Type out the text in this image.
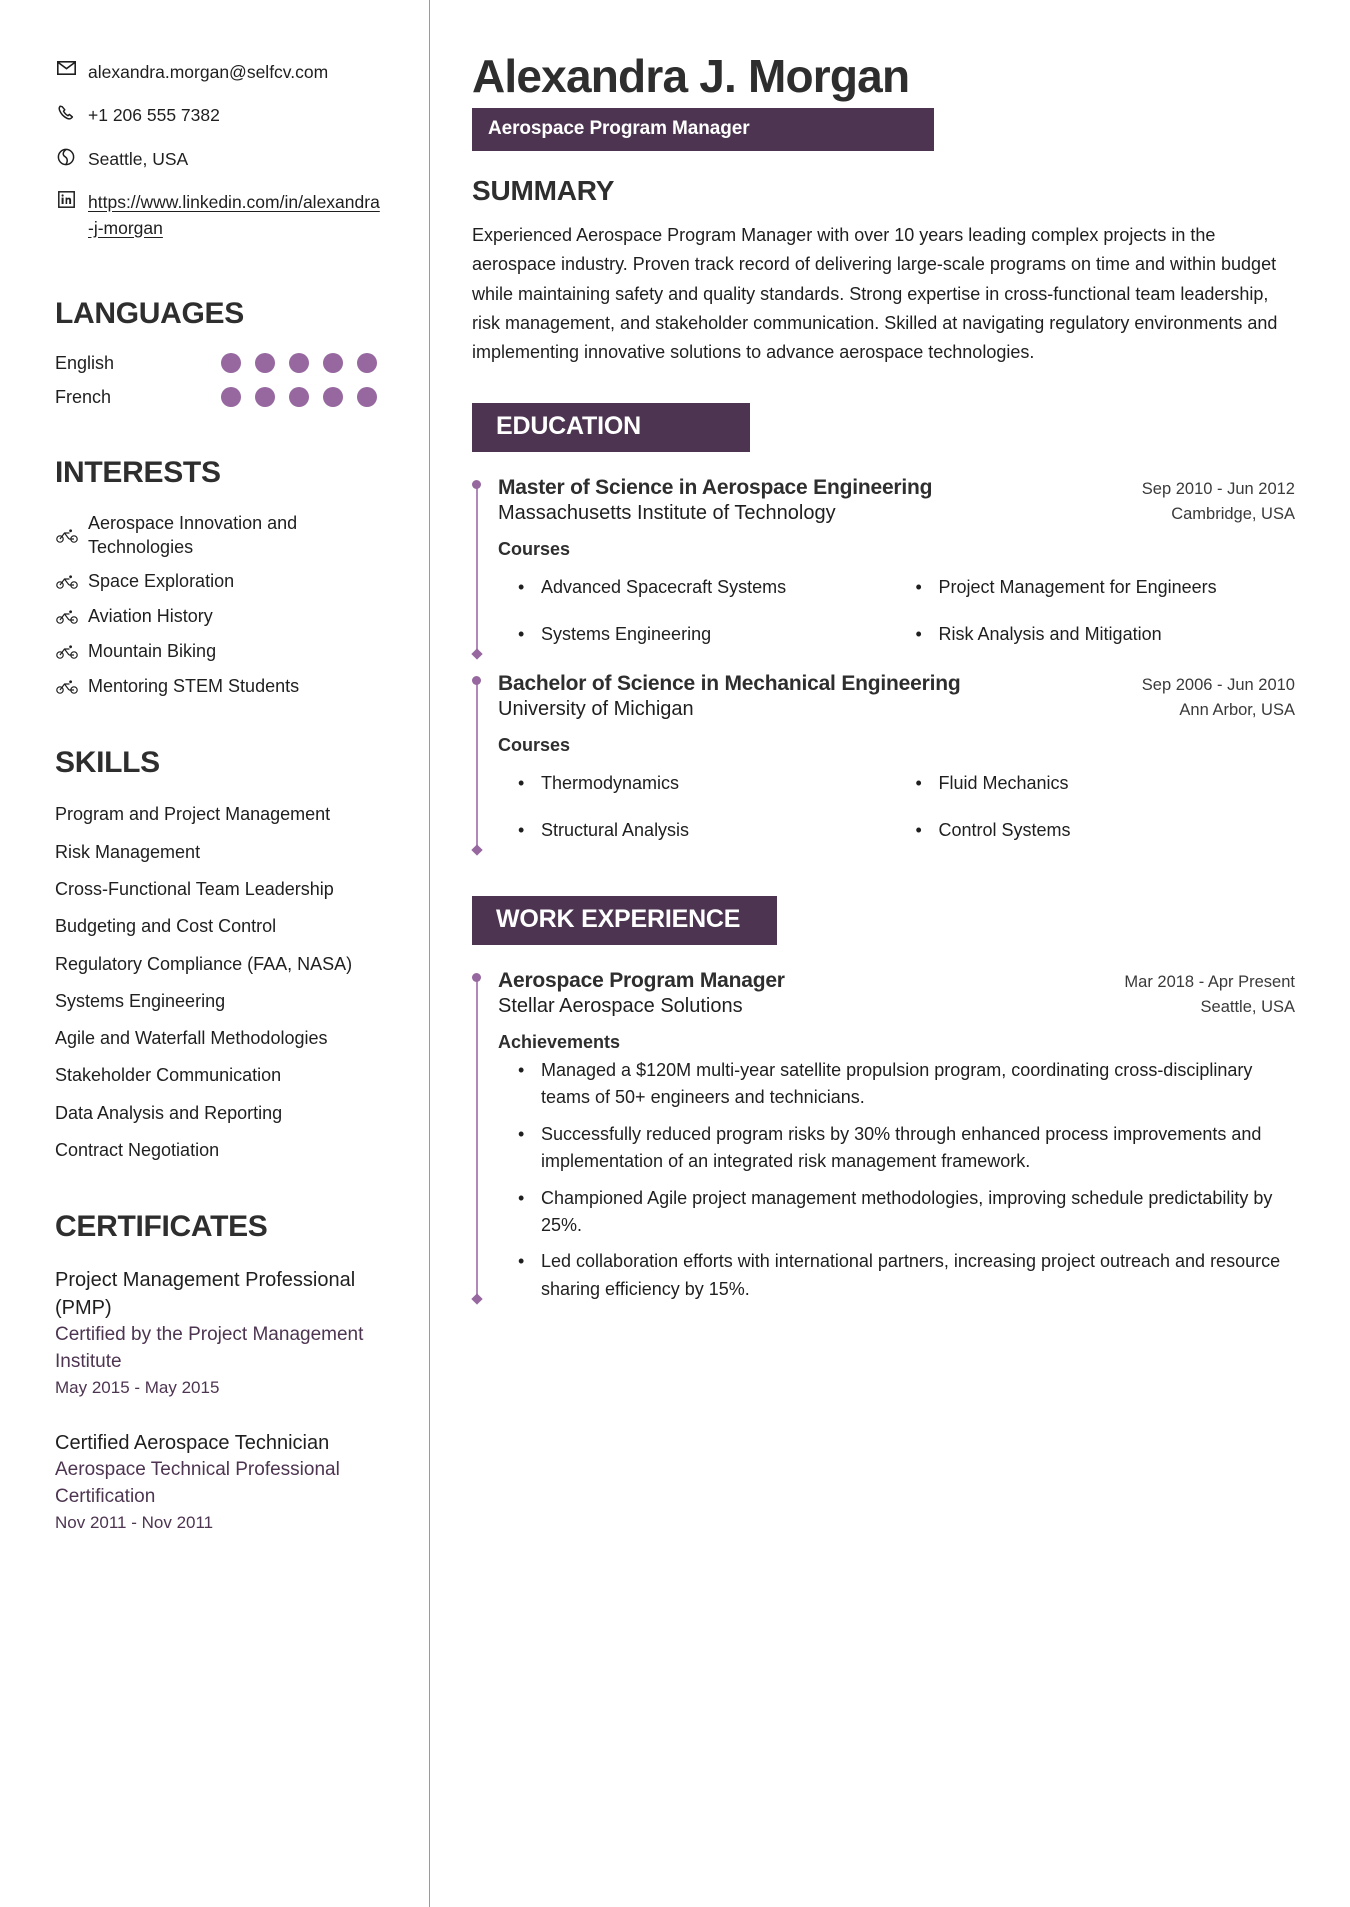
alexandra.morgan@selfcv.com
+1 206 555 7382
Seattle, USA
https://www.linkedin.com/in/alexandra-j-morgan
LANGUAGES
English
French
INTERESTS
Aerospace Innovation and Technologies
Space Exploration
Aviation History
Mountain Biking
Mentoring STEM Students
SKILLS
Program and Project Management
Risk Management
Cross-Functional Team Leadership
Budgeting and Cost Control
Regulatory Compliance (FAA, NASA)
Systems Engineering
Agile and Waterfall Methodologies
Stakeholder Communication
Data Analysis and Reporting
Contract Negotiation
CERTIFICATES
Project Management Professional (PMP)
Certified by the Project Management Institute
May 2015 - May 2015
Certified Aerospace Technician
Aerospace Technical Professional Certification
Nov 2011 - Nov 2011
Alexandra J. Morgan
Aerospace Program Manager
SUMMARY

Experienced Aerospace Program Manager with over 10 years leading complex projects in the aerospace industry. Proven track record of delivering large-scale programs on time and within budget while maintaining safety and quality standards. Strong expertise in cross-functional team leadership, risk management, and stakeholder communication. Skilled at navigating regulatory environments and implementing innovative solutions to advance aerospace technologies.

EDUCATION
Master of Science in Aerospace Engineering	Sep 2010 - Jun 2012
Massachusetts Institute of Technology	Cambridge, USA
Courses
• Advanced Spacecraft Systems	• Project Management for Engineers
• Systems Engineering	• Risk Analysis and Mitigation
Bachelor of Science in Mechanical Engineering	Sep 2006 - Jun 2010
University of Michigan	Ann Arbor, USA
Courses
• Thermodynamics	• Fluid Mechanics
• Structural Analysis	• Control Systems
WORK EXPERIENCE
Aerospace Program Manager	Mar 2018 - Apr Present
Stellar Aerospace Solutions	Seattle, USA
Achievements
• Managed a $120M multi-year satellite propulsion program, coordinating cross-disciplinary teams of 50+ engineers and technicians.
• Successfully reduced program risks by 30% through enhanced process improvements and implementation of an integrated risk management framework.
• Championed Agile project management methodologies, improving schedule predictability by 25%.
• Led collaboration efforts with international partners, increasing project outreach and resource sharing efficiency by 15%.
